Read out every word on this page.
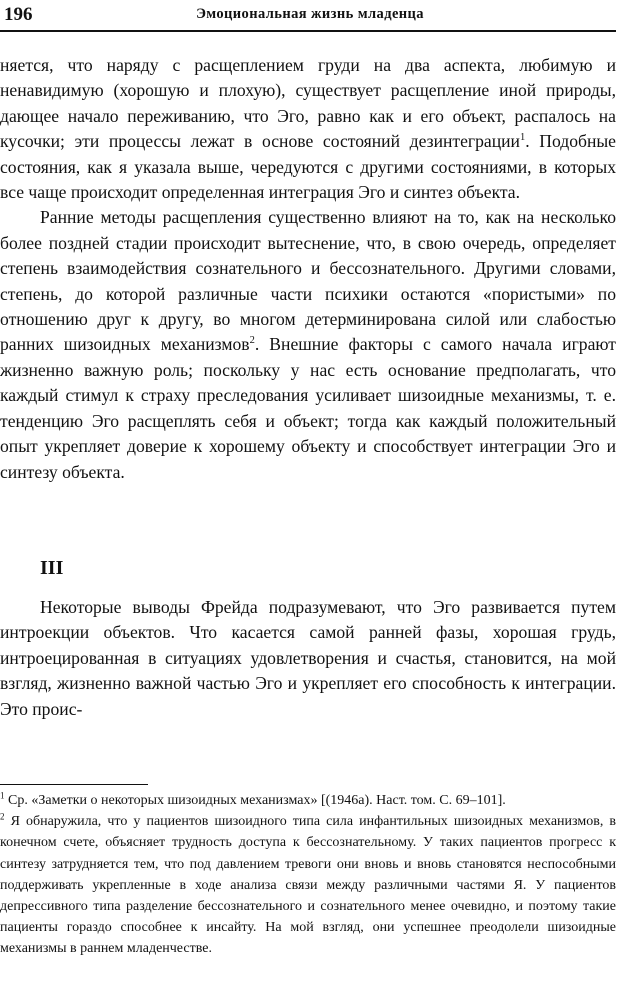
196	Эмоциональная жизнь младенца

няется, что наряду с расщеплением груди на два аспекта, любимую и ненавидимую (хорошую и плохую), существует расщепление иной природы, дающее начало переживанию, что Эго, равно как и его объект, распалось на кусочки; эти процессы лежат в основе состояний дезинтеграции$^1$. Подобные состояния, как я указала выше, чередуются с другими состояниями, в которых все чаще происходит определенная интеграция Эго и синтез объекта.

Ранние методы расщепления существенно влияют на то, как на несколько более поздней стадии происходит вытеснение, что, в свою очередь, определяет степень взаимодействия сознательного и бессознательного. Другими словами, степень, до которой различные части психики остаются «пористыми» по отношению друг к другу, во многом детерминирована силой или слабостью ранних шизоидных механизмов$^2$. Внешние факторы с самого начала играют жизненно важную роль; поскольку у нас есть основание предполагать, что каждый стимул к страху преследования усиливает шизоидные механизмы, т. е. тенденцию Эго расщеплять себя и объект; тогда как каждый положительный опыт укрепляет доверие к хорошему объекту и способствует интеграции Эго и синтезу объекта.

III

Некоторые выводы Фрейда подразумевают, что Эго развивается путем интроекции объектов. Что касается самой ранней фазы, хорошая грудь, интроецированная в ситуациях удовлетворения и счастья, становится, на мой взгляд, жизненно важной частью Эго и укрепляет его способность к интеграции. Это проис-

$^1$ Ср. «Заметки о некоторых шизоидных механизмах» [(1946а). Наст. том. С. 69–101].

$^2$ Я обнаружила, что у пациентов шизоидного типа сила инфантильных шизоидных механизмов, в конечном счете, объясняет трудность доступа к бессознательному. У таких пациентов прогресс к синтезу затрудняется тем, что под давлением тревоги они вновь и вновь становятся неспособными поддерживать укрепленные в ходе анализа связи между различными частями Я. У пациентов депрессивного типа разделение бессознательного и сознательного менее очевидно, и поэтому такие пациенты гораздо способнее к инсайту. На мой взгляд, они успешнее преодолели шизоидные механизмы в раннем младенчестве.
